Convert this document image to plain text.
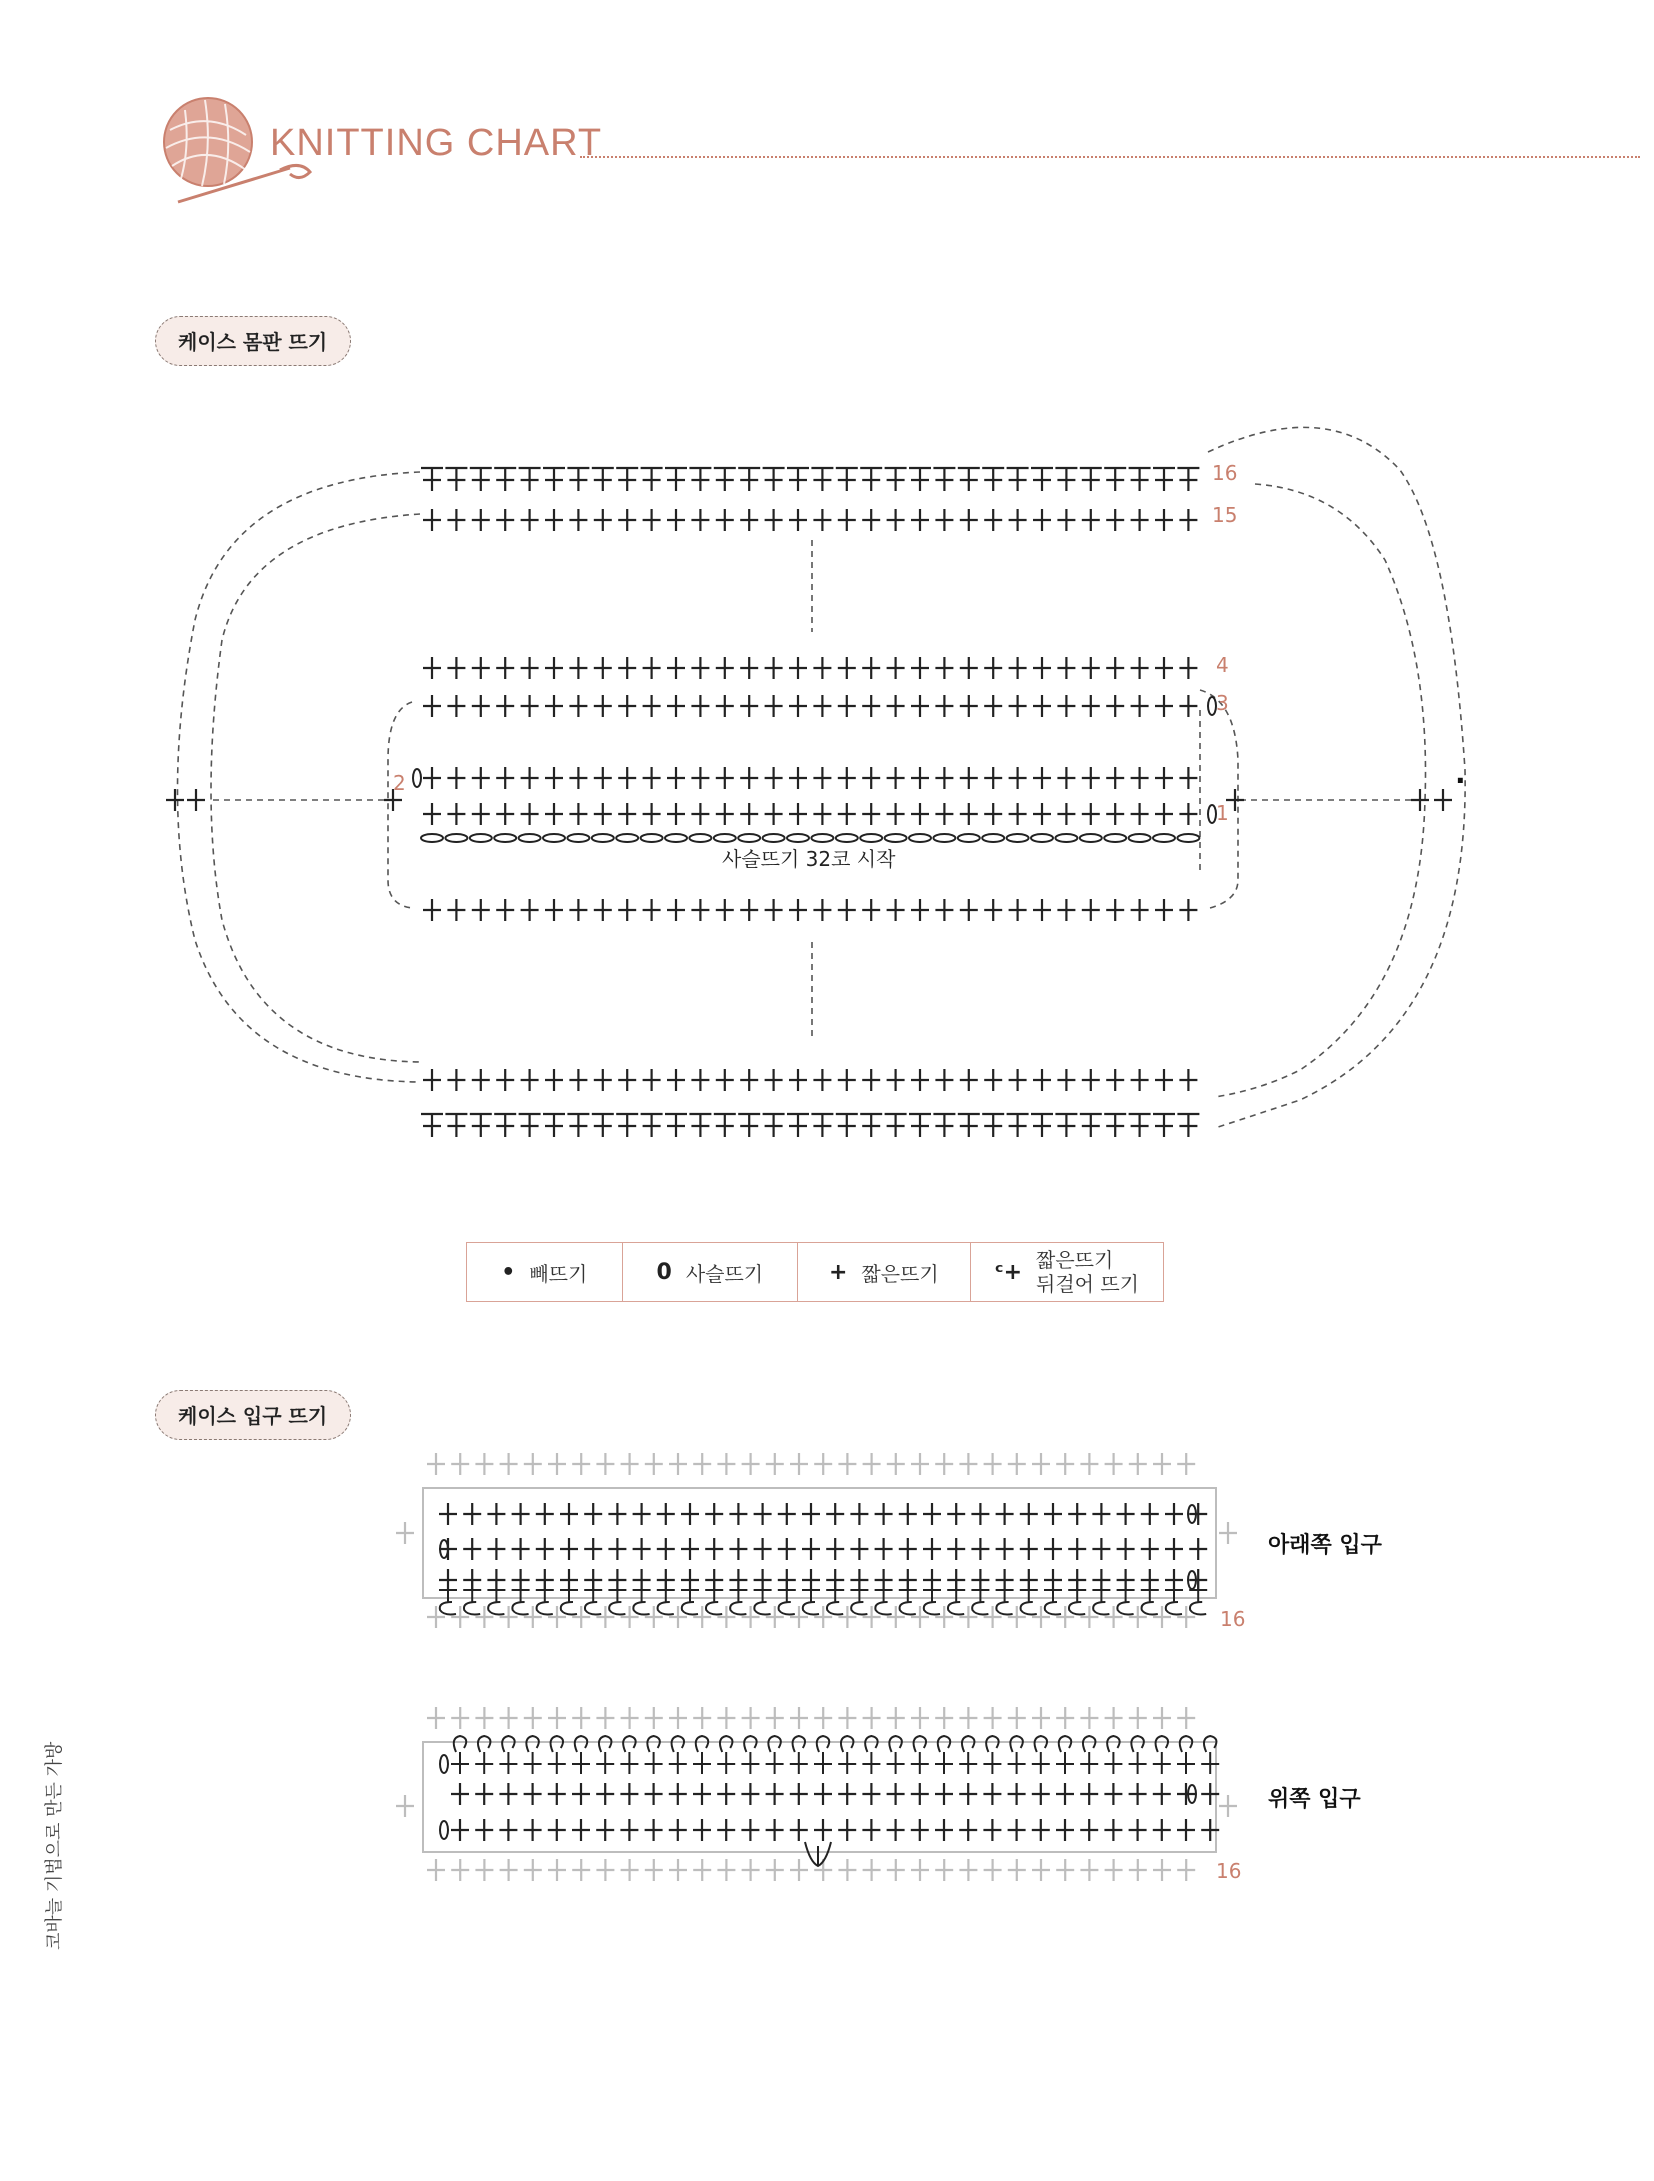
KNITTING CHART
케이스 몸판 뜨기
16
15
4
3
2
1
사슬뜨기 32코 시작
·
• 빼뜨기	0 사슬뜨기	+ 짧은뜨기	ᶜ+ 짧은뜨기
뒤걸어 뜨기
케이스 입구 뜨기
16
16
아래쪽 입구
위쪽 입구
코바늘 기법으로 만든 가방
